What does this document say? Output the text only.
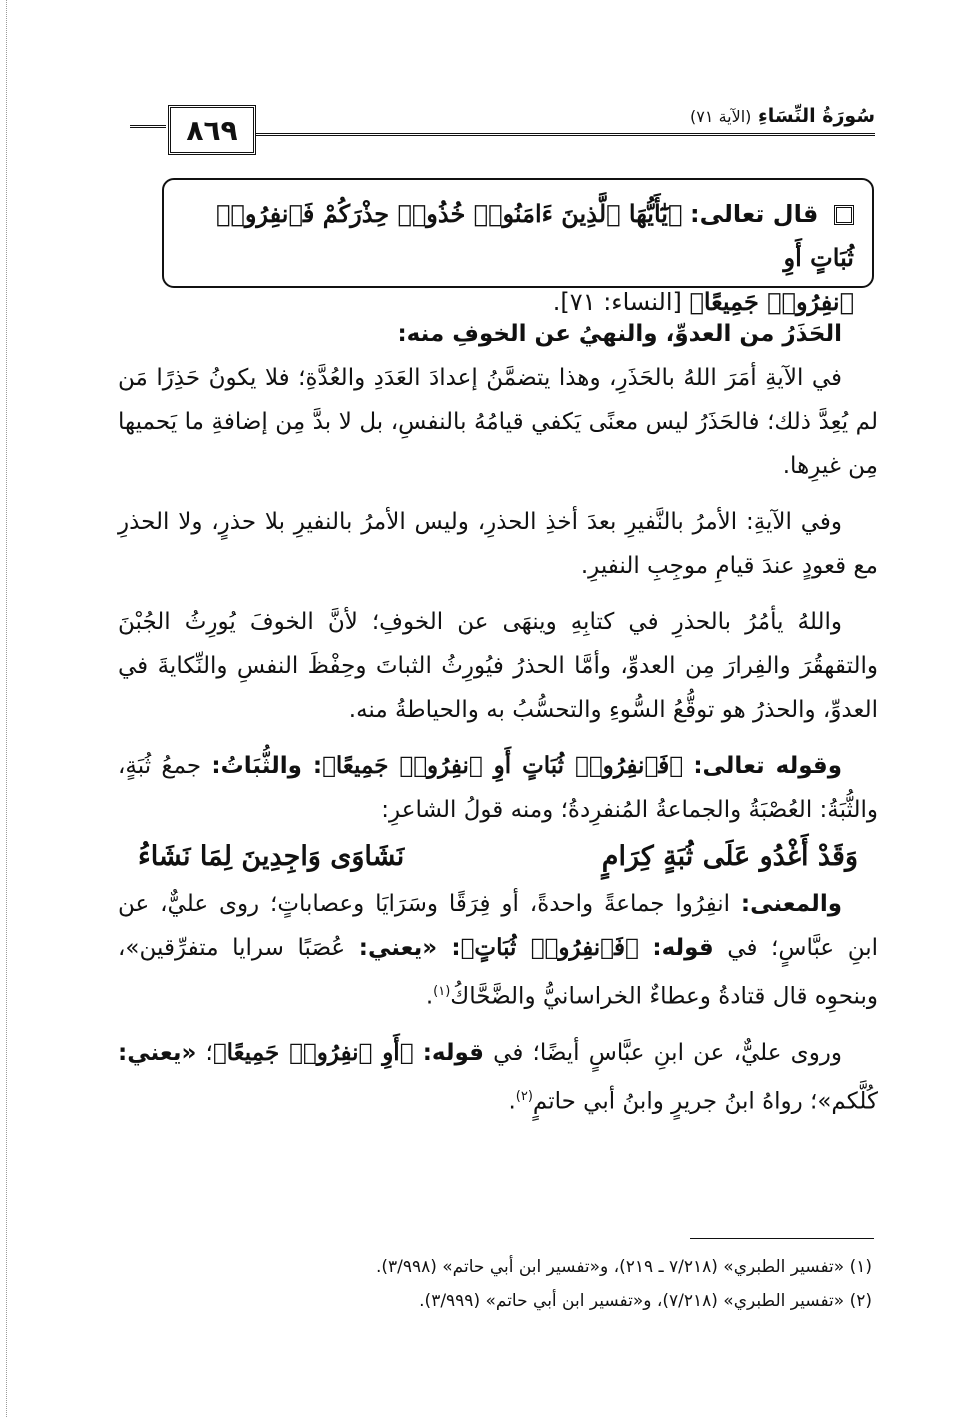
٨٦٩	سُورَةُ النِّسَاءِ (الآية ٧١)
قال تعالى: ﴿يَٰٓأَيُّهَا ٱلَّذِينَ ءَامَنُوا۟ خُذُوا۟ حِذْرَكُمْ فَٱنفِرُوا۟ ثُبَاتٍ أَوِ
ٱنفِرُوا۟ جَمِيعًا﴾ [النساء: ٧١].

الحَذَرُ من العدوِّ، والنهيُ عن الخوفِ منه:

في الآيةِ أمَرَ اللهُ بالحَذَرِ، وهذا يتضمَّنُ إعدادَ العَدَدِ والعُدَّةِ؛ فلا يكونُ حَذِرًا مَن لم يُعِدَّ ذلك؛ فالحَذَرُ ليس معنًى يَكفي قيامُهُ بالنفسِ، بل لا بدَّ مِن إضافةِ ما يَحميها مِن غيرِها.

وفي الآيةِ: الأمرُ بالنَّفيرِ بعدَ أخذِ الحذرِ، وليس الأمرُ بالنفيرِ بلا حذرٍ، ولا الحذرِ مع قعودٍ عندَ قيامِ موجِبِ النفيرِ.

واللهُ يأمُرُ بالحذرِ في كتابِهِ وينهَى عن الخوفِ؛ لأنَّ الخوفَ يُورِثُ الجُبْنَ والتقهقُرَ والفِرارَ مِن العدوِّ، وأمَّا الحذرُ فيُورِثُ الثباتَ وحِفْظَ النفسِ والنِّكايةَ في العدوِّ، والحذرُ هو توقُّعُ السُّوءِ والتحسُّبُ به والحياطةُ منه.

وقوله تعالى: ﴿فَٱنفِرُوا۟ ثُبَاتٍ أَوِ ٱنفِرُوا۟ جَمِيعًا﴾: والثُّبَاتُ: جمعُ ثُبَةٍ، والثُّبَةُ: العُصْبَةُ والجماعةُ المُنفرِدةُ؛ ومنه قولُ الشاعرِ:

وَقَدْ أَغْدُو عَلَى ثُبَةٍ كِرَامٍ
نَشَاوَى وَاجِدِينَ لِمَا نَشَاءُ

والمعنى: انفِرُوا جماعةً واحدةً، أو فِرَقًا وسَرَايَا وعصاباتٍ؛ روى عليٌّ، عن ابنِ عبَّاسٍ؛ في قوله: ﴿فَٱنفِرُوا۟ ثُبَاتٍ﴾: «يعني: عُصَبًا سرايا متفرِّقين»، وبنحوِه قال قتادةُ وعطاءٌ الخراسانيُّ والضَّحَّاكُ$^{(١)}$.

وروى عليٌّ، عن ابنِ عبَّاسٍ أيضًا؛ في قوله: ﴿أَوِ ٱنفِرُوا۟ جَمِيعًا﴾؛ «يعني: كُلَّكم»؛ رواهُ ابنُ جريرٍ وابنُ أبي حاتمٍ$^{(٢)}$.

(١) «تفسير الطبري» (٧/٢١٨ ـ ٢١٩)، و«تفسير ابن أبي حاتم» (٣/٩٩٨).
(٢) «تفسير الطبري» (٧/٢١٨)، و«تفسير ابن أبي حاتم» (٣/٩٩٩).
